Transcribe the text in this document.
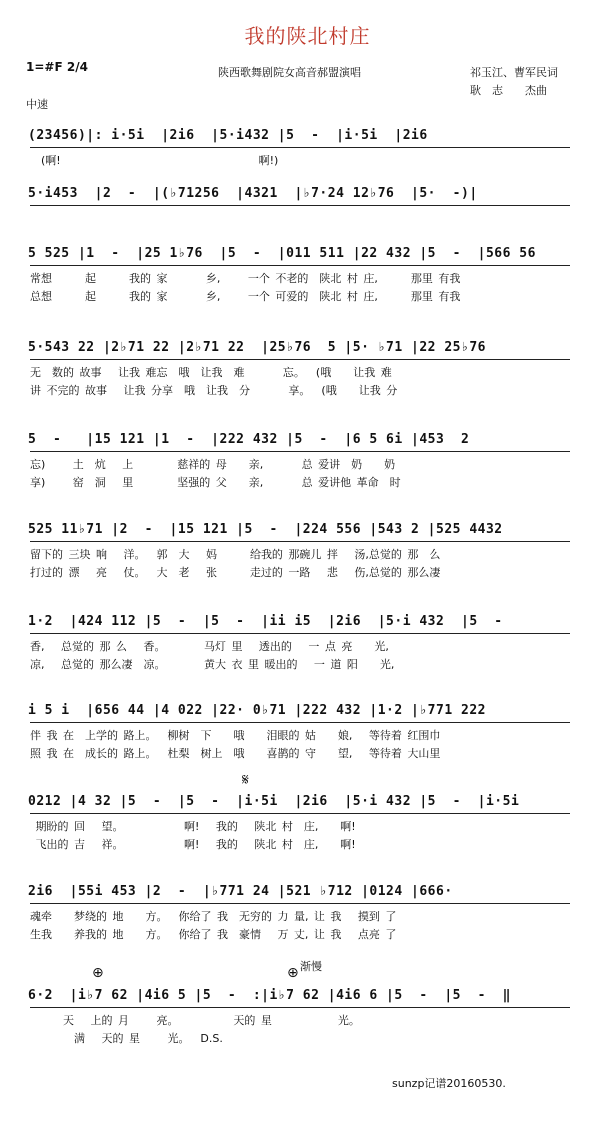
我的陕北村庄
1=#F 2/4	陕西歌舞剧院女高音郝盟演唱	祁玉江、曹军民词
耿　志　　杰曲
中速
(23456)|: i·5i  |2i6  |5·i432 |5  -  |i·5i  |2i6
(啊!                                    啊!)
5·i453  |2  -  |(♭71256  |4321  |♭7·24 12♭76  |5·  -)|
5 525 |1  -  |25 1♭76  |5  -  |011 511 |22 432 |5  -  |566 56
常想      起      我的 家       乡,     一个 不老的  陕北 村 庄,      那里 有我
总想      起      我的 家       乡,     一个 可爱的  陕北 村 庄,      那里 有我
5·543 22 |2♭71 22 |2♭71 22  |25♭76  5 |5· ♭71 |22 25♭76
无  数的 故事   让我 难忘  哦  让我  难       忘。  (哦    让我 难
讲 不完的 故事   让我 分享  哦  让我  分       享。  (哦    让我 分
5  -   |15 121 |1  -  |222 432 |5  -  |6 5 6i |453  2
忘)     土  炕   上        慈祥的 母    亲,       总 爱讲  奶    奶
享)     窑  洞   里        坚强的 父    亲,       总 爱讲他 革命  时
525 11♭71 |2  -  |15 121 |5  -  |224 556 |543 2 |525 4432
留下的 三块 响   洋。  郭  大   妈      给我的 那碗儿 拌   汤,总觉的 那  么
打过的 漂   亮   仗。  大  老   张      走过的 一路   悲   伤,总觉的 那么凄
1·2  |424 112 |5  -  |5  -  |ii i5  |2i6  |5·i 432  |5  -
香,   总觉的 那 么   香。       马灯 里   透出的   一 点 亮    光,
凉,   总觉的 那么凄  凉。       黄大 衣 里 暖出的   一 道 阳    光,
i 5 i  |656 44 |4 022 |22· 0♭71 |222 432 |1·2 |♭771 222
伴 我 在  上学的 路上。  柳树  下    哦    泪眼的 姑    娘,   等待着 红围巾
照 我 在  成长的 路上。  杜梨  树上  哦    喜鹊的 守    望,   等待着 大山里
0212 |4 32 |5  -  |5  -  |i·5i  |2i6  |5·i 432 |5  -  |i·5i
期盼的 回   望。           啊!   我的   陕北 村  庄,    啊!
飞出的 吉   祥。           啊!   我的   陕北 村  庄,    啊!
2i6  |55i 453 |2  -  |♭771 24 |521 ♭712 |0124 |666·
魂牵    梦绕的 地    方。  你给了 我  无穷的 力 量, 让 我   摸到 了
生我    养我的 地    方。  你给了 我  豪情   万 丈, 让 我   点亮 了
6·2  |i♭7 62 |4i6 5 |5  -  :|i♭7 62 |4i6 6 |5  -  |5  -  ‖
天   上的 月     亮。          天的 星            光。
满   天的 星     光。  D.S.
𝄋
⊕	⊕ 渐慢
sunzp记谱20160530.
